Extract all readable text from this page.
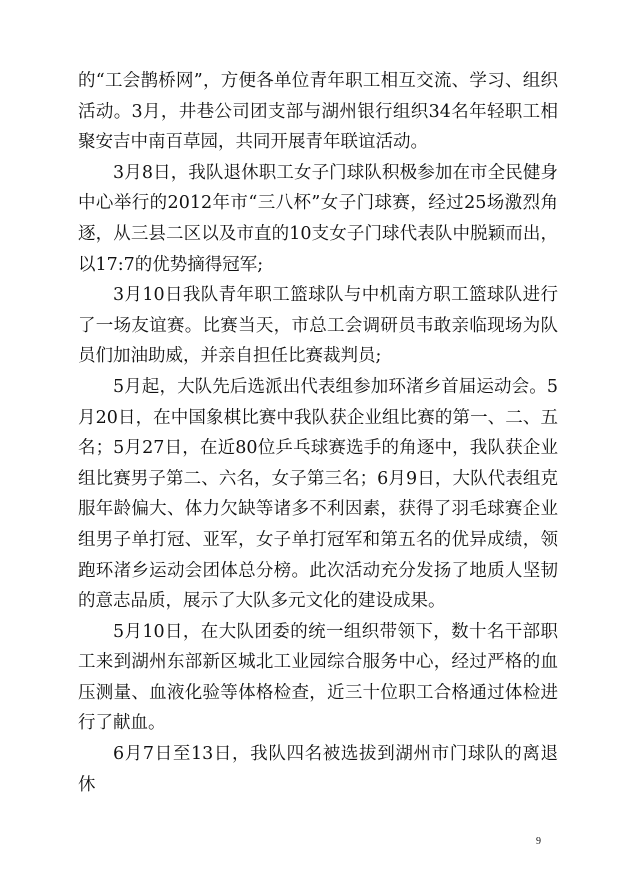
的“工会鹊桥网”，方便各单位青年职工相互交流、学习、组织活动。3月，井巷公司团支部与湖州银行组织34名年轻职工相聚安吉中南百草园，共同开展青年联谊活动。

3月8日，我队退休职工女子门球队积极参加在市全民健身中心举行的2012年市“三八杯”女子门球赛，经过25场激烈角逐，从三县二区以及市直的10支女子门球代表队中脱颖而出，以17:7的优势摘得冠军;

3月10日我队青年职工篮球队与中机南方职工篮球队进行了一场友谊赛。比赛当天，市总工会调研员韦敢亲临现场为队员们加油助威，并亲自担任比赛裁判员;

5月起，大队先后选派出代表组参加环渚乡首届运动会。5月20日，在中国象棋比赛中我队获企业组比赛的第一、二、五名；5月27日，在近80位乒乓球赛选手的角逐中，我队获企业组比赛男子第二、六名，女子第三名；6月9日，大队代表组克服年龄偏大、体力欠缺等诸多不利因素，获得了羽毛球赛企业组男子单打冠、亚军，女子单打冠军和第五名的优异成绩，领跑环渚乡运动会团体总分榜。此次活动充分发扬了地质人坚韧的意志品质，展示了大队多元文化的建设成果。

5月10日，在大队团委的统一组织带领下，数十名干部职工来到湖州东部新区城北工业园综合服务中心，经过严格的血压测量、血液化验等体格检查，近三十位职工合格通过体检进行了献血。

6月7日至13日，我队四名被选拔到湖州市门球队的离退休

9
